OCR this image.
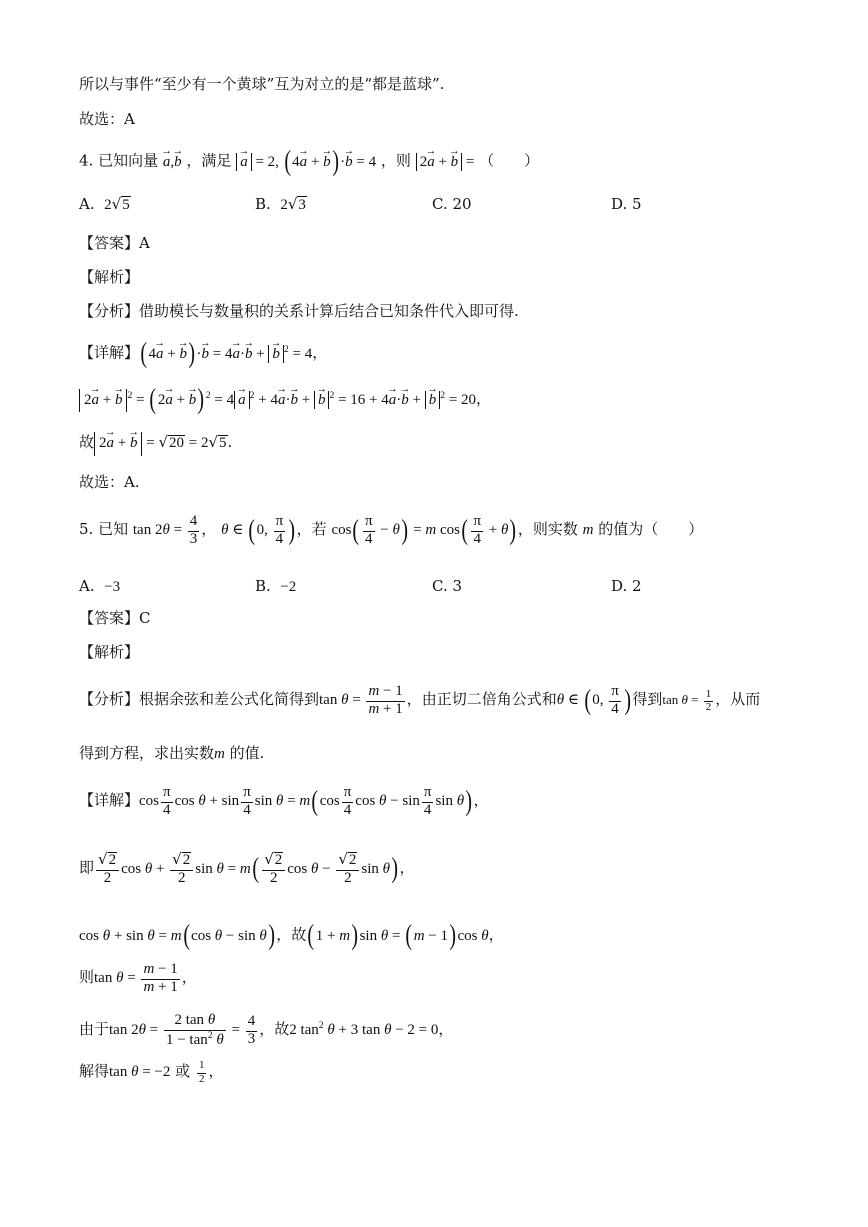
所以与事件“至少有一个黄球”互为对立的是“都是蓝球”.
故选：A
4. 已知向量 → a,→ b ，满足 → a = 2, (4→ a + → b)·→ b = 4 ，则 2→ a + → b = （　　）
A. 2√5	B. 2√3	C. 20	D. 5
【答案】A
【解析】
【分析】借助模长与数量积的关系计算后结合已知条件代入即可得.
【详解】(4→ a + → b)·→ b = 4→ a·→ b + → b $^2$ = 4，
2→ a + → b $^2$ = (2→ a + → b)$^2$ = 4 → a $^2$ + 4→ a·→ b + → b $^2$ = 16 + 4→ a·→ b + → b $^2$ = 20，
故 2→ a + → b = √20 = 2√5.
故选：A.
5. 已知 $\tan 2\theta = \frac{4}{3}$ ， θ ∈ (0, $\frac{\pi}{4}$ )，若 $\cos( \frac{\pi}{4} - \theta) = m$ $\cos( \frac{\pi}{4} + \theta)$，则实数 m 的值为（　　）
A. −3	B. −2	C. 3	D. 2
【答案】C
【解析】
【分析】根据余弦和差公式化简得到$\tan \theta = \frac{m - 1}{m + 1}$ ，由正切二倍角公式和θ ∈ (0, $\frac{\pi}{4}$ )得到$\tan \theta = \frac{1}{2}$ ，从而
得到方程，求出实数m 的值.
【详解】$\cos \frac{\pi}{4}$ $\cos \theta + \sin \frac{\pi}{4}$ $\sin \theta = m(\cos \frac{\pi}{4}$ $\cos \theta - \sin \frac{\pi}{4}$ sin θ)，
即 $\frac{√2}{2}$ $\cos \theta + \frac{√2}{2}$ $\sin \theta = m( \frac{√2}{2}$ $\cos \theta - \frac{√2}{2}$ sin θ)，
cos θ + sin θ = m(cos θ − sin θ)，故(1 + m)sin θ = (m − 1)cos θ，
则$\tan \theta = \frac{m - 1}{m + 1}$ ，
由于$\tan 2\theta = \frac{\text{2 tan θ}}{1 - \tan^2 \theta} = \frac{4}{3}$ ，故2 $\tan^2 \theta + 3$ tan θ − 2 = 0，
解得tan θ = −2 或 $\frac{1}{2}$ ，
